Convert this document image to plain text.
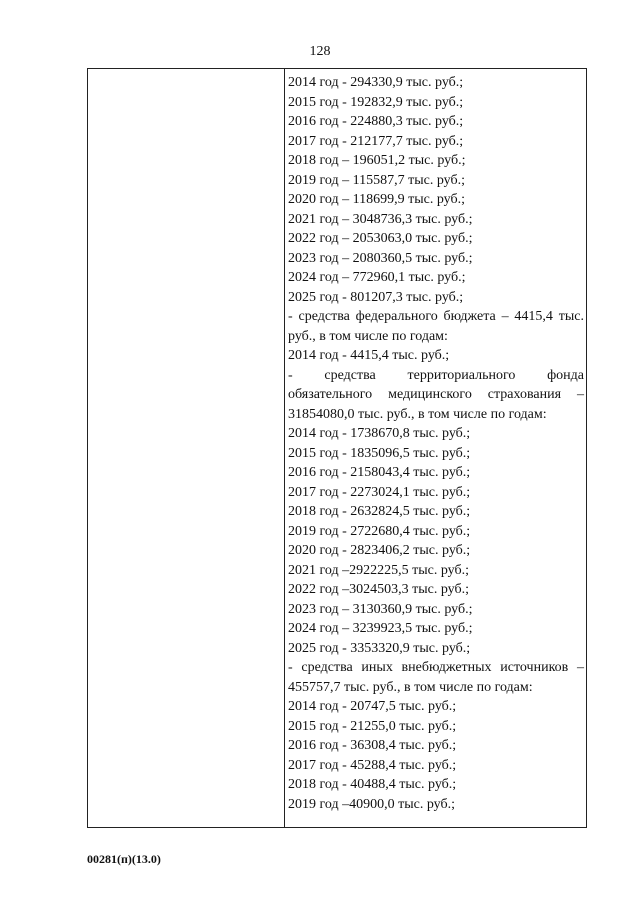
128
2014 год - 294330,9 тыс. руб.;
2015 год - 192832,9 тыс. руб.;
2016 год - 224880,3 тыс. руб.;
2017 год - 212177,7 тыс. руб.;
2018 год – 196051,2 тыс. руб.;
2019 год – 115587,7 тыс. руб.;
2020 год – 118699,9 тыс. руб.;
2021 год – 3048736,3 тыс. руб.;
2022 год – 2053063,0 тыс. руб.;
2023 год – 2080360,5 тыс. руб.;
2024 год – 772960,1 тыс. руб.;
2025 год - 801207,3 тыс. руб.;
- средства федерального бюджета – 4415,4 тыс. руб., в том числе по годам:
2014 год - 4415,4 тыс. руб.;
- средства территориального фонда обязательного медицинского страхования – 31854080,0 тыс. руб., в том числе по годам:
2014 год - 1738670,8 тыс. руб.;
2015 год - 1835096,5 тыс. руб.;
2016 год - 2158043,4 тыс. руб.;
2017 год - 2273024,1 тыс. руб.;
2018 год - 2632824,5 тыс. руб.;
2019 год - 2722680,4 тыс. руб.;
2020 год - 2823406,2 тыс. руб.;
2021 год –2922225,5 тыс. руб.;
2022 год –3024503,3 тыс. руб.;
2023 год – 3130360,9 тыс. руб.;
2024 год – 3239923,5 тыс. руб.;
2025 год - 3353320,9 тыс. руб.;
- средства иных внебюджетных источников – 455757,7 тыс. руб., в том числе по годам:
2014 год - 20747,5 тыс. руб.;
2015 год - 21255,0 тыс. руб.;
2016 год - 36308,4 тыс. руб.;
2017 год - 45288,4 тыс. руб.;
2018 год - 40488,4 тыс. руб.;
2019 год –40900,0 тыс. руб.;
00281(п)(13.0)
